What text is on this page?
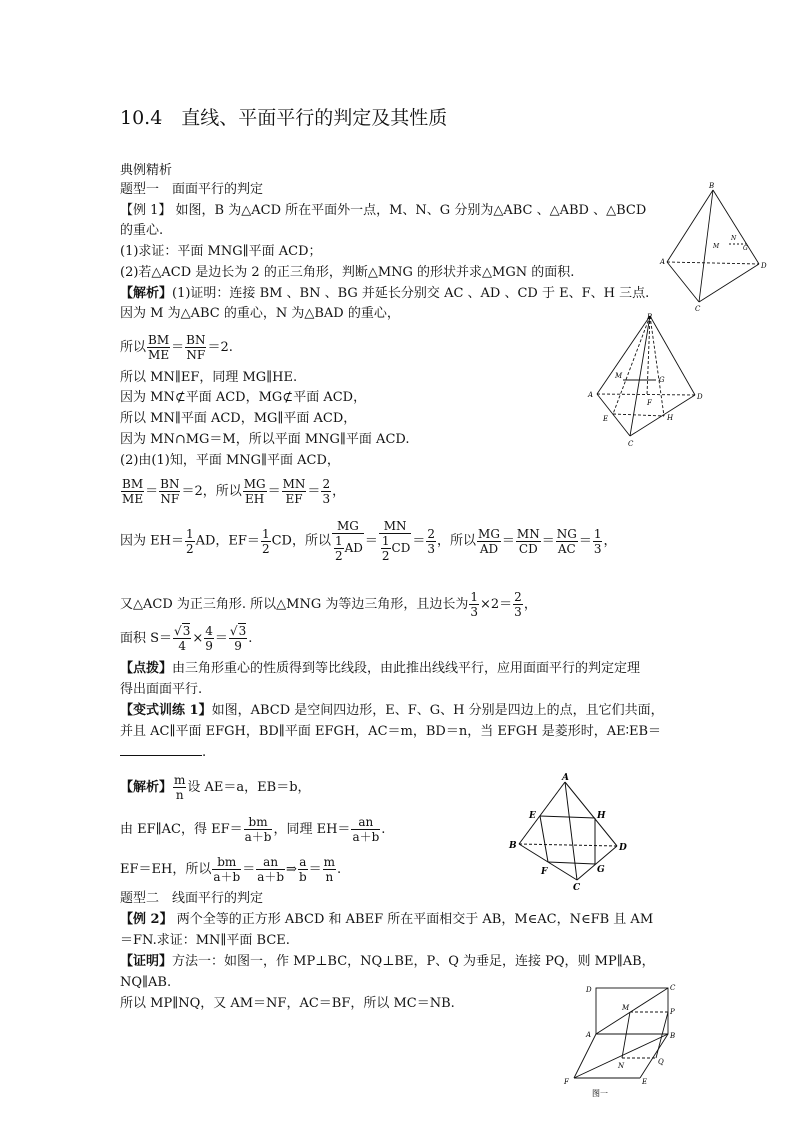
10.4　直线、平面平行的判定及其性质
典例精析
题型一　面面平行的判定
【例 1】 如图，B 为△ACD 所在平面外一点，M、N、G 分别为△ABC 、△ABD 、△BCD
的重心.
(1)求证：平面 MNG∥平面 ACD；
(2)若△ACD 是边长为 2 的正三角形，判断△MNG 的形状并求△MGN 的面积.
【解析】(1)证明：连接 BM 、BN 、BG 并延长分别交 AC 、AD 、CD 于 E、F、H 三点.
因为 M 为△ABC 的重心，N 为△BAD 的重心，
所以 $\frac{BM}{ME} = \frac{BN}{NF} =2$.
所以 MN∥EF，同理 MG∥HE.
因为 MN⊄平面 ACD，MG⊄平面 ACD，
所以 MN∥平面 ACD，MG∥平面 ACD，
因为 MN∩MG＝M，所以平面 MNG∥平面 ACD.
(2)由(1)知，平面 MNG∥平面 ACD，
$\frac{BM}{ME} = \frac{BN}{NF} =2$，所以 $\frac{MG}{EH} = \frac{MN}{EF} = \frac{2}{3}$ ，
因为 $EH= \frac{1}{2}$ AD，$EF= \frac{1}{2}$ CD，所以 $\frac{MG}{\frac{1}{2} AD} = \frac{MN}{\frac{1}{2} CD} = \frac{2}{3}$ ，所以 $\frac{MG}{AD} = \frac{MN}{CD} = \frac{NG}{AC} = \frac{1}{3}$ ，
又△ACD 为正三角形. 所以△MNG 为等边三角形，且边长为 $\frac{1}{3} \times 2= \frac{2}{3}$ ，
面积 $S= \frac{√3}{4} \times \frac{4}{9} = \frac{√3}{9}$ .
【点拨】由三角形重心的性质得到等比线段，由此推出线线平行，应用面面平行的判定定理
得出面面平行.
【变式训练 1】如图，ABCD 是空间四边形，E、F、G、H 分别是四边上的点，且它们共面，
并且 AC∥平面 EFGH，BD∥平面 EFGH，AC＝m，BD＝n，当 EFGH 是菱形时，AE∶EB＝
.
【解析】 $\frac{m}{n}$ 设 AE＝a，EB＝b，
由 EF∥AC，得 $EF= \frac{bm}{a+b}$ ，同理 $EH= \frac{an}{a+b}$ .
EF＝EH，所以 $\frac{bm}{a+b} = \frac{an}{a+b}$ ⇒ $\frac{a}{b} = \frac{m}{n}$ .
题型二　线面平行的判定
【例 2】 两个全等的正方形 ABCD 和 ABEF 所在平面相交于 AB，M∈AC，N∈FB 且 AM
＝FN.求证：MN∥平面 BCE.
【证明】方法一：如图一，作 MP⊥BC，NQ⊥BE，P、Q 为垂足，连接 PQ，则 MP∥AB，
NQ∥AB.
所以 MP∥NQ，又 AM＝NF，AC＝BF，所以 MC＝NB.
B
A	D
C
M
N
G
B
A	D
C
E
F
H
M	G
A
B	D
C
E	H
F	G
D	C
P
B
A
M
Q
N
F	E
图一
